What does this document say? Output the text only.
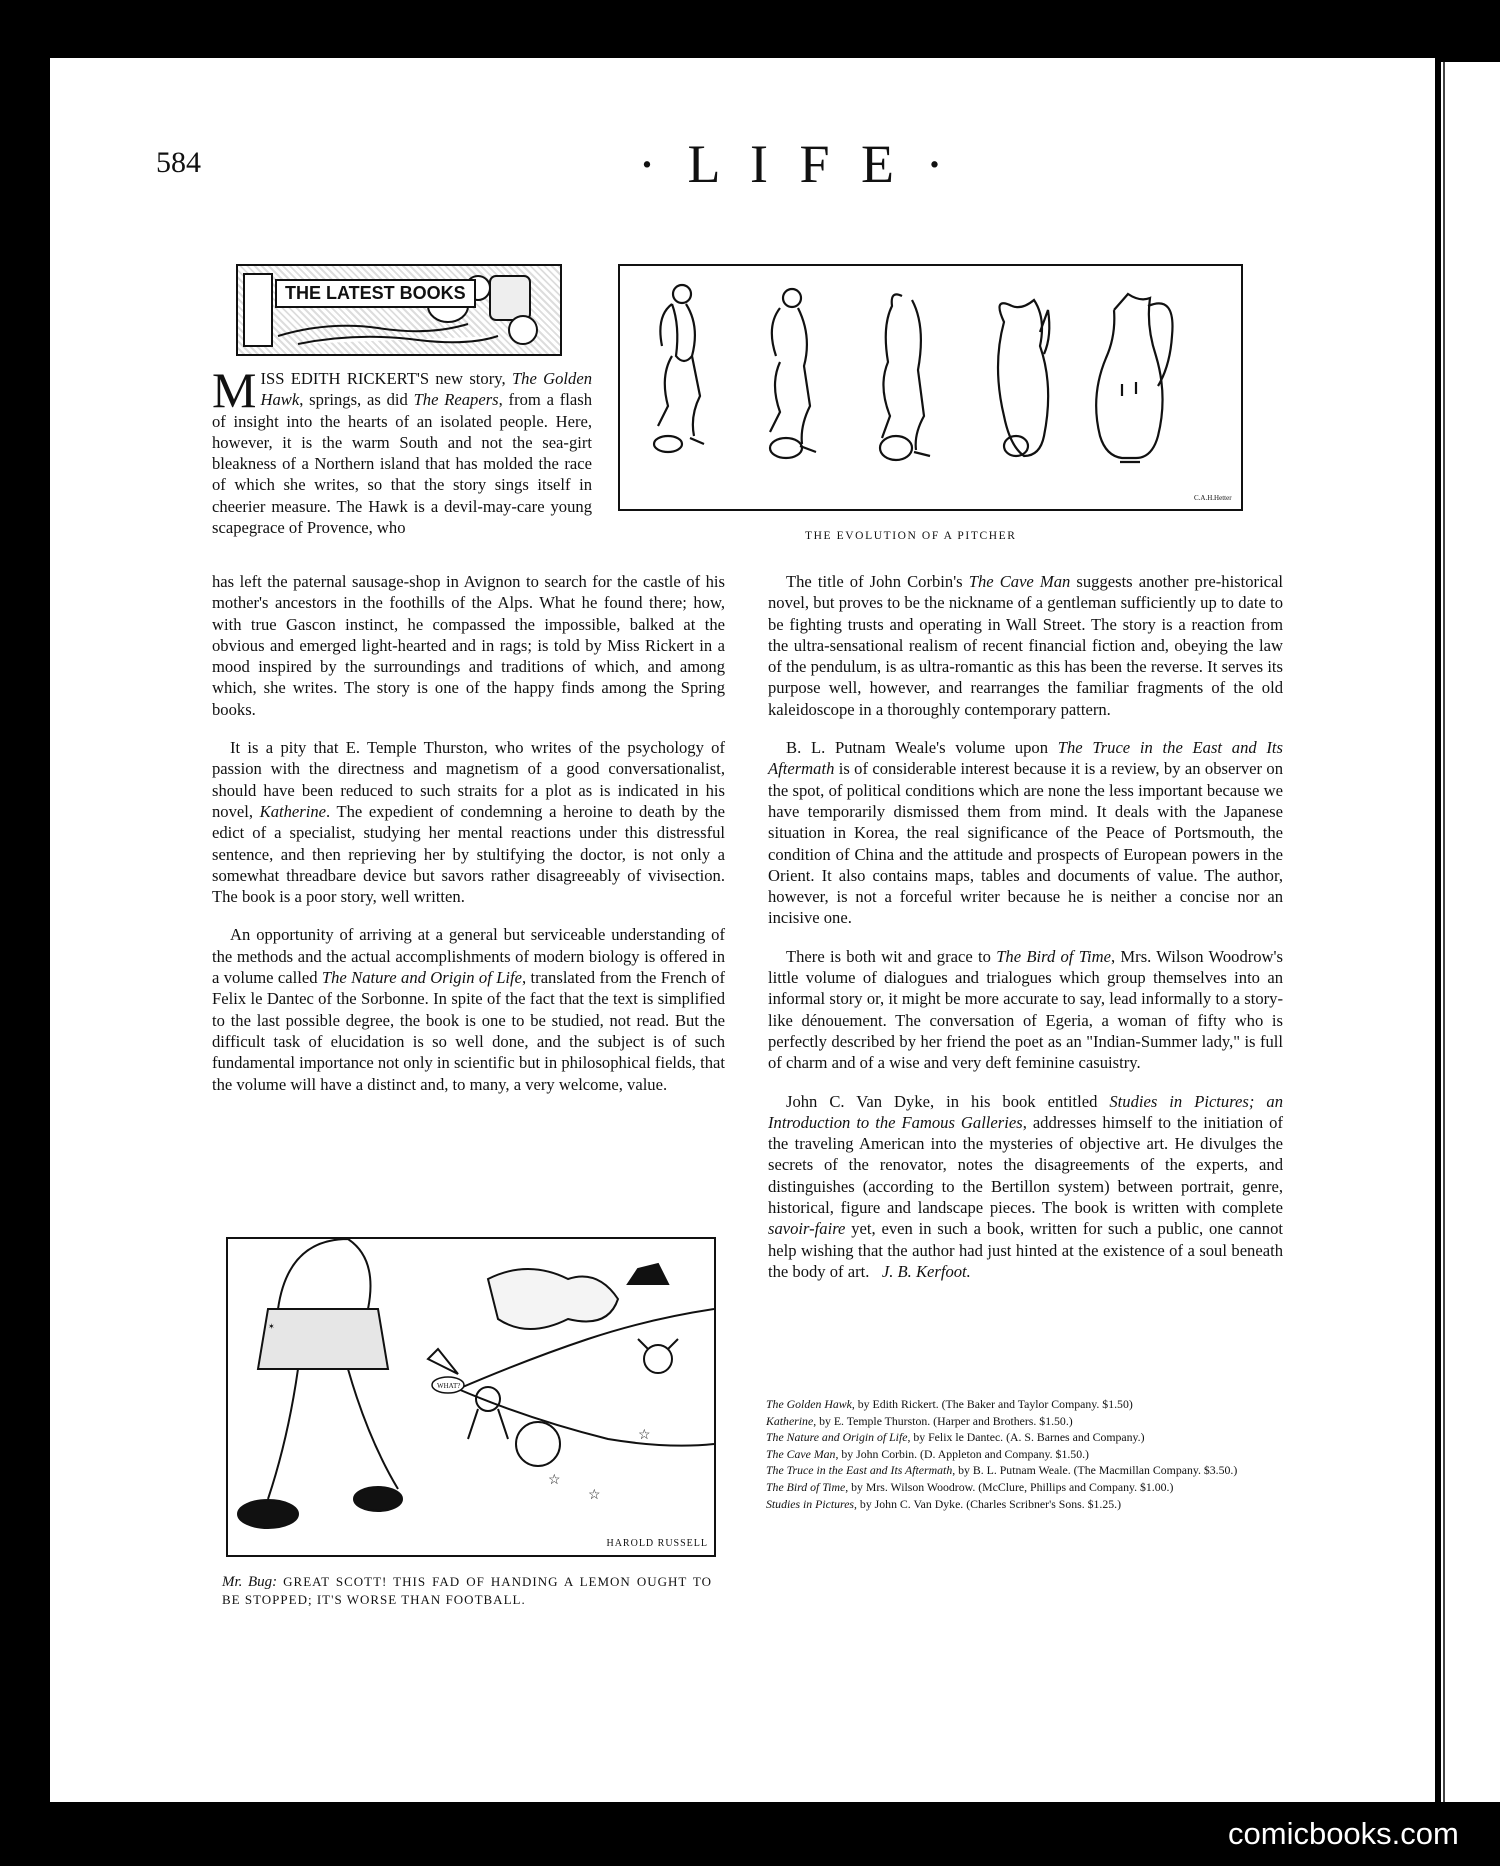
584	· L I F E ·
THE LATEST BOOKS
C.A.H.Hetter
THE EVOLUTION OF A PITCHER

MISS EDITH RICKERT'S new story, The Golden Hawk, springs, as did The Reapers, from a flash of insight into the hearts of an isolated people. Here, however, it is the warm South and not the sea-girt bleakness of a Northern island that has molded the race of which she writes, so that the story sings itself in cheerier measure. The Hawk is a devil-may-care young scapegrace of Provence, who

has left the paternal sausage-shop in Avignon to search for the castle of his mother's ancestors in the foothills of the Alps. What he found there; how, with true Gascon instinct, he compassed the impossible, balked at the obvious and emerged light-hearted and in rags; is told by Miss Rickert in a mood inspired by the surroundings and traditions of which, and among which, she writes. The story is one of the happy finds among the Spring books.

It is a pity that E. Temple Thurston, who writes of the psychology of passion with the directness and magnetism of a good conversationalist, should have been reduced to such straits for a plot as is indicated in his novel, Katherine. The expedient of condemning a heroine to death by the edict of a specialist, studying her mental reactions under this distressful sentence, and then reprieving her by stultifying the doctor, is not only a somewhat threadbare device but savors rather disagreeably of vivisection. The book is a poor story, well written.

An opportunity of arriving at a general but serviceable understanding of the methods and the actual accomplishments of modern biology is offered in a volume called The Nature and Origin of Life, translated from the French of Felix le Dantec of the Sorbonne. In spite of the fact that the text is simplified to the last possible degree, the book is one to be studied, not read. But the difficult task of elucidation is so well done, and the subject is of such fundamental importance not only in scientific but in philosophical fields, that the volume will have a distinct and, to many, a very welcome, value.

✶
☆
☆
☆
WHAT?
HAROLD RUSSELL
Mr. Bug: GREAT SCOTT! THIS FAD OF HANDING A LEMON OUGHT TO BE STOPPED; IT'S WORSE THAN FOOTBALL.

The title of John Corbin's The Cave Man suggests another pre-historical novel, but proves to be the nickname of a gentleman sufficiently up to date to be fighting trusts and operating in Wall Street. The story is a reaction from the ultra-sensational realism of recent financial fiction and, obeying the law of the pendulum, is as ultra-romantic as this has been the reverse. It serves its purpose well, however, and rearranges the familiar fragments of the old kaleidoscope in a thoroughly contemporary pattern.

B. L. Putnam Weale's volume upon The Truce in the East and Its Aftermath is of considerable interest because it is a review, by an observer on the spot, of political conditions which are none the less important because we have temporarily dismissed them from mind. It deals with the Japanese situation in Korea, the real significance of the Peace of Portsmouth, the condition of China and the attitude and prospects of European powers in the Orient. It also contains maps, tables and documents of value. The author, however, is not a forceful writer because he is neither a concise nor an incisive one.

There is both wit and grace to The Bird of Time, Mrs. Wilson Woodrow's little volume of dialogues and trialogues which group themselves into an informal story or, it might be more accurate to say, lead informally to a story-like dénouement. The conversation of Egeria, a woman of fifty who is perfectly described by her friend the poet as an "Indian-Summer lady," is full of charm and of a wise and very deft feminine casuistry.

John C. Van Dyke, in his book entitled Studies in Pictures; an Introduction to the Famous Galleries, addresses himself to the initiation of the traveling American into the mysteries of objective art. He divulges the secrets of the renovator, notes the disagreements of the experts, and distinguishes (according to the Bertillon system) between portrait, genre, historical, figure and landscape pieces. The book is written with complete savoir-faire yet, even in such a book, written for such a public, one cannot help wishing that the author had just hinted at the existence of a soul beneath the body of art. J. B. Kerfoot.

The Golden Hawk, by Edith Rickert. (The Baker and Taylor Company. $1.50)
Katherine, by E. Temple Thurston. (Harper and Brothers. $1.50.)
The Nature and Origin of Life, by Felix le Dantec. (A. S. Barnes and Company.)
The Cave Man, by John Corbin. (D. Appleton and Company. $1.50.)
The Truce in the East and Its Aftermath, by B. L. Putnam Weale. (The Macmillan Company. $3.50.)
The Bird of Time, by Mrs. Wilson Woodrow. (McClure, Phillips and Company. $1.00.)
Studies in Pictures, by John C. Van Dyke. (Charles Scribner's Sons. $1.25.)
comicbooks.com
